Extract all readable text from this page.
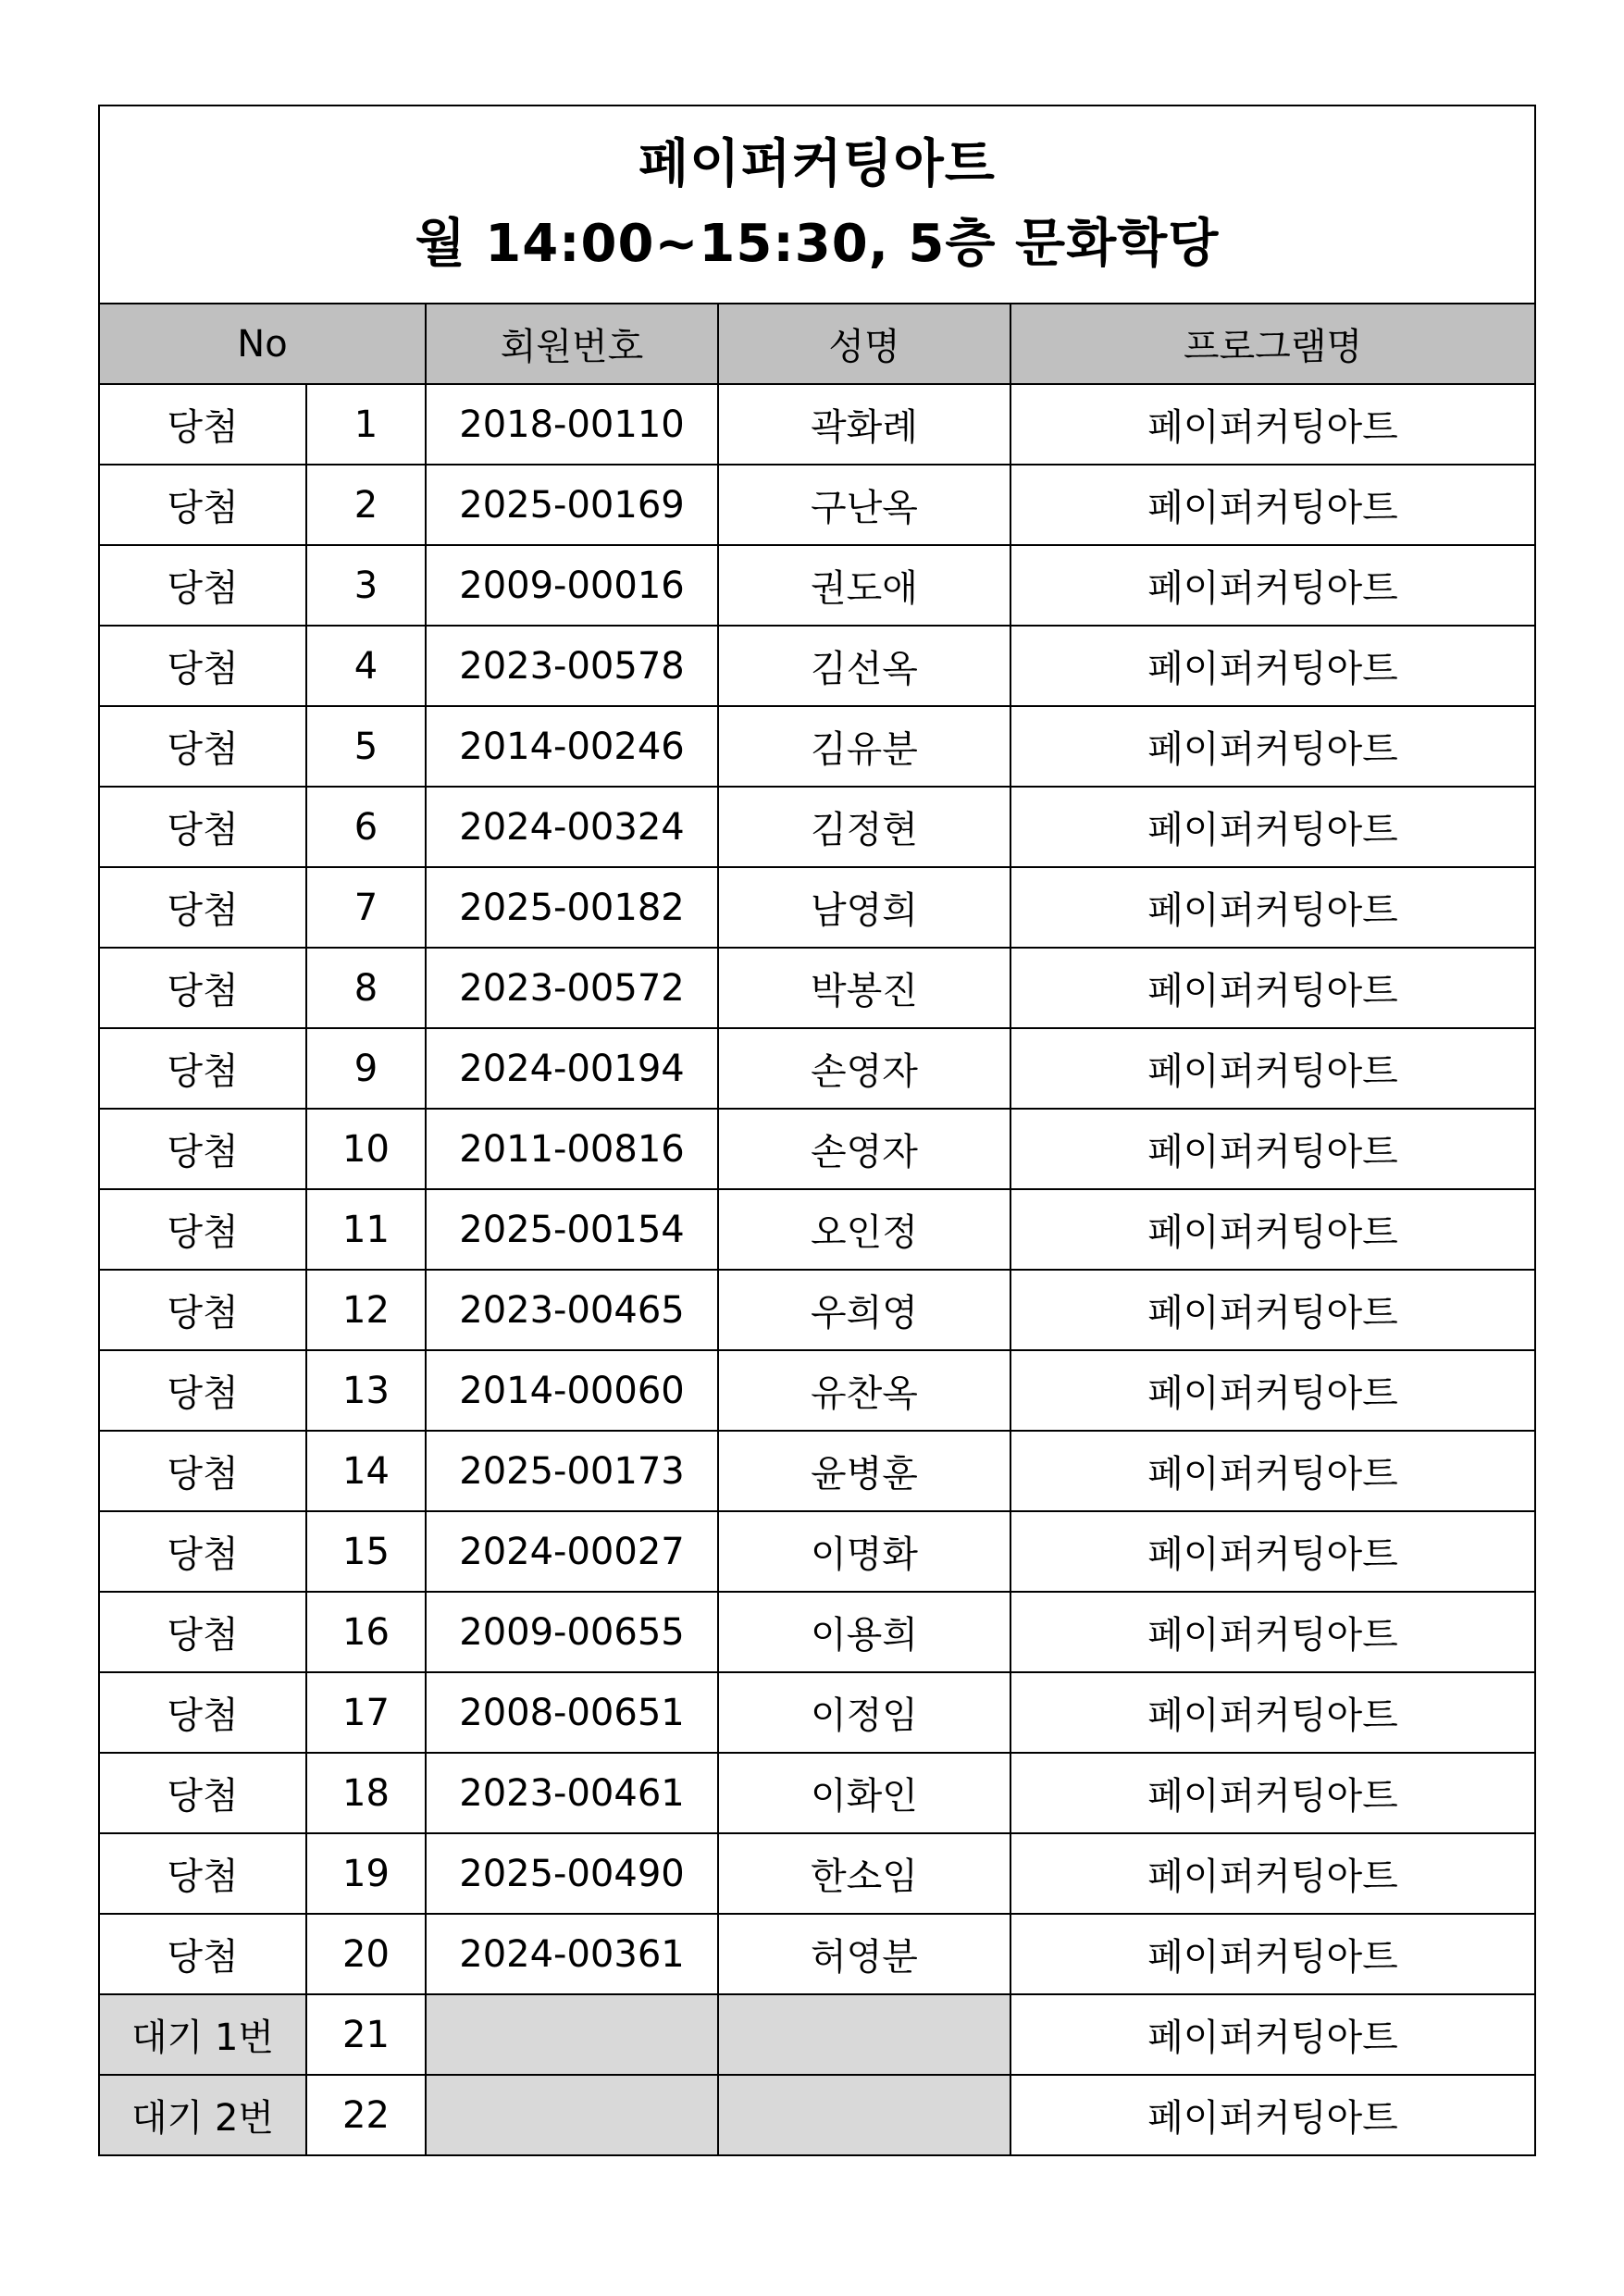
페이퍼커팅아트
월 14:00~15:30, 5층 문화학당				

No		회원번호	성명	프로그램명
당첨	1	2018-00110	곽화례	페이퍼커팅아트
당첨	2	2025-00169	구난옥	페이퍼커팅아트
당첨	3	2009-00016	권도애	페이퍼커팅아트
당첨	4	2023-00578	김선옥	페이퍼커팅아트
당첨	5	2014-00246	김유분	페이퍼커팅아트
당첨	6	2024-00324	김정현	페이퍼커팅아트
당첨	7	2025-00182	남영희	페이퍼커팅아트
당첨	8	2023-00572	박봉진	페이퍼커팅아트
당첨	9	2024-00194	손영자	페이퍼커팅아트
당첨	10	2011-00816	손영자	페이퍼커팅아트
당첨	11	2025-00154	오인정	페이퍼커팅아트
당첨	12	2023-00465	우희영	페이퍼커팅아트
당첨	13	2014-00060	유찬옥	페이퍼커팅아트
당첨	14	2025-00173	윤병훈	페이퍼커팅아트
당첨	15	2024-00027	이명화	페이퍼커팅아트
당첨	16	2009-00655	이용희	페이퍼커팅아트
당첨	17	2008-00651	이정임	페이퍼커팅아트
당첨	18	2023-00461	이화인	페이퍼커팅아트
당첨	19	2025-00490	한소임	페이퍼커팅아트
당첨	20	2024-00361	허영분	페이퍼커팅아트
대기 1번	21			페이퍼커팅아트
대기 2번	22			페이퍼커팅아트
